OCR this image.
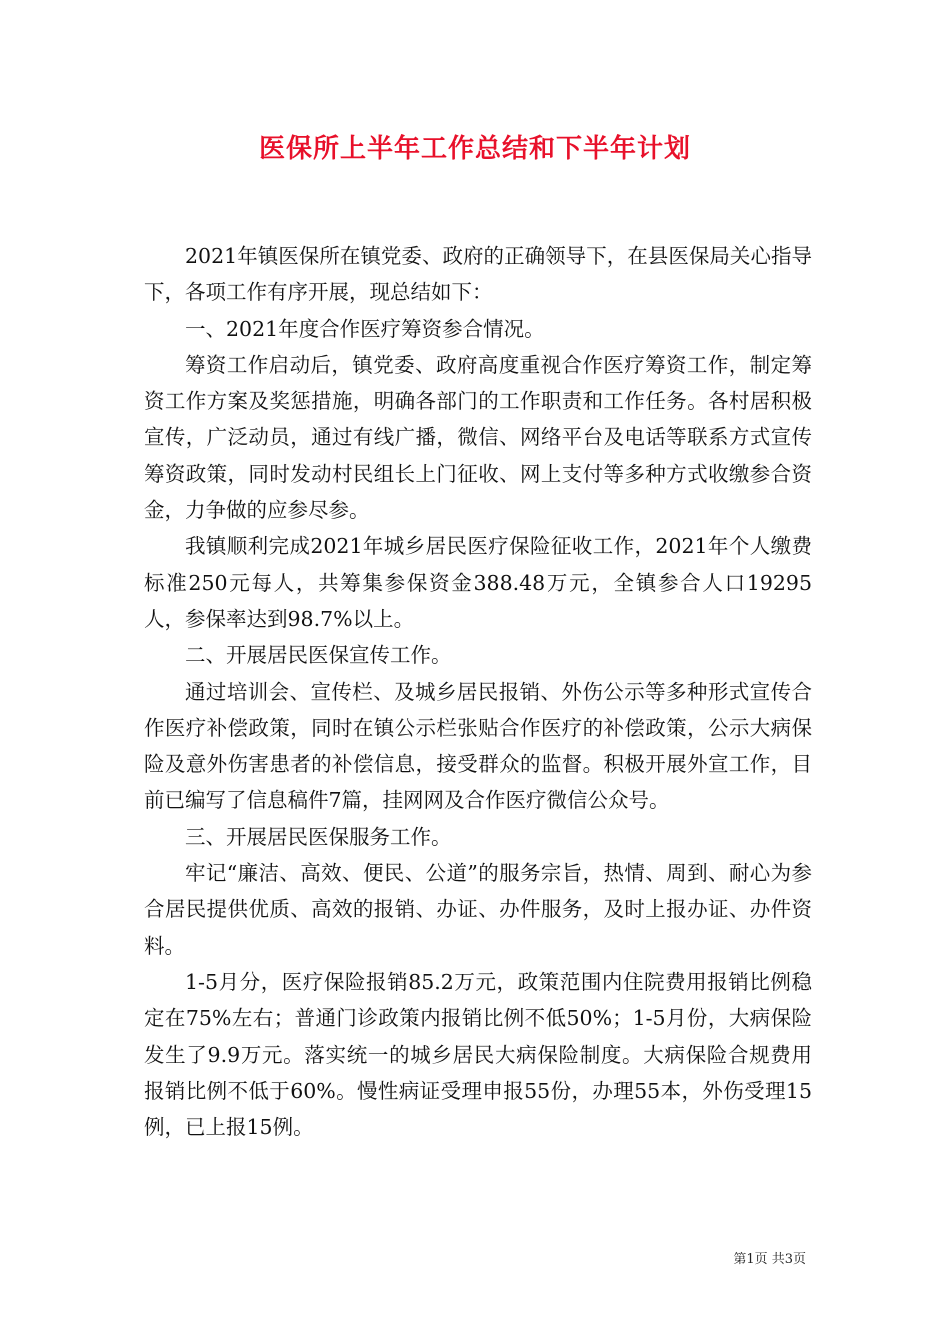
医保所上半年工作总结和下半年计划

2021年镇医保所在镇党委、政府的正确领导下，在县医保局关心指导下，各项工作有序开展，现总结如下：

一、2021年度合作医疗筹资参合情况。

筹资工作启动后，镇党委、政府高度重视合作医疗筹资工作，制定筹资工作方案及奖惩措施，明确各部门的工作职责和工作任务。各村居积极宣传，广泛动员，通过有线广播，微信、网络平台及电话等联系方式宣传筹资政策，同时发动村民组长上门征收、网上支付等多种方式收缴参合资金，力争做的应参尽参。

我镇顺利完成2021年城乡居民医疗保险征收工作，2021年个人缴费标准250元每人，共筹集参保资金388.48万元，全镇参合人口19295人，参保率达到98.7%以上。

二、开展居民医保宣传工作。

通过培训会、宣传栏、及城乡居民报销、外伤公示等多种形式宣传合作医疗补偿政策，同时在镇公示栏张贴合作医疗的补偿政策，公示大病保险及意外伤害患者的补偿信息，接受群众的监督。积极开展外宣工作，目前已编写了信息稿件7篇，挂网网及合作医疗微信公众号。

三、开展居民医保服务工作。

牢记“廉洁、高效、便民、公道”的服务宗旨，热情、周到、耐心为参合居民提供优质、高效的报销、办证、办件服务，及时上报办证、办件资料。

1-5月分，医疗保险报销85.2万元，政策范围内住院费用报销比例稳定在75%左右；普通门诊政策内报销比例不低50%；1-5月份，大病保险发生了9.9万元。落实统一的城乡居民大病保险制度。大病保险合规费用报销比例不低于60%。慢性病证受理申报55份，办理55本，外伤受理15例，已上报15例。

第1页 共3页
